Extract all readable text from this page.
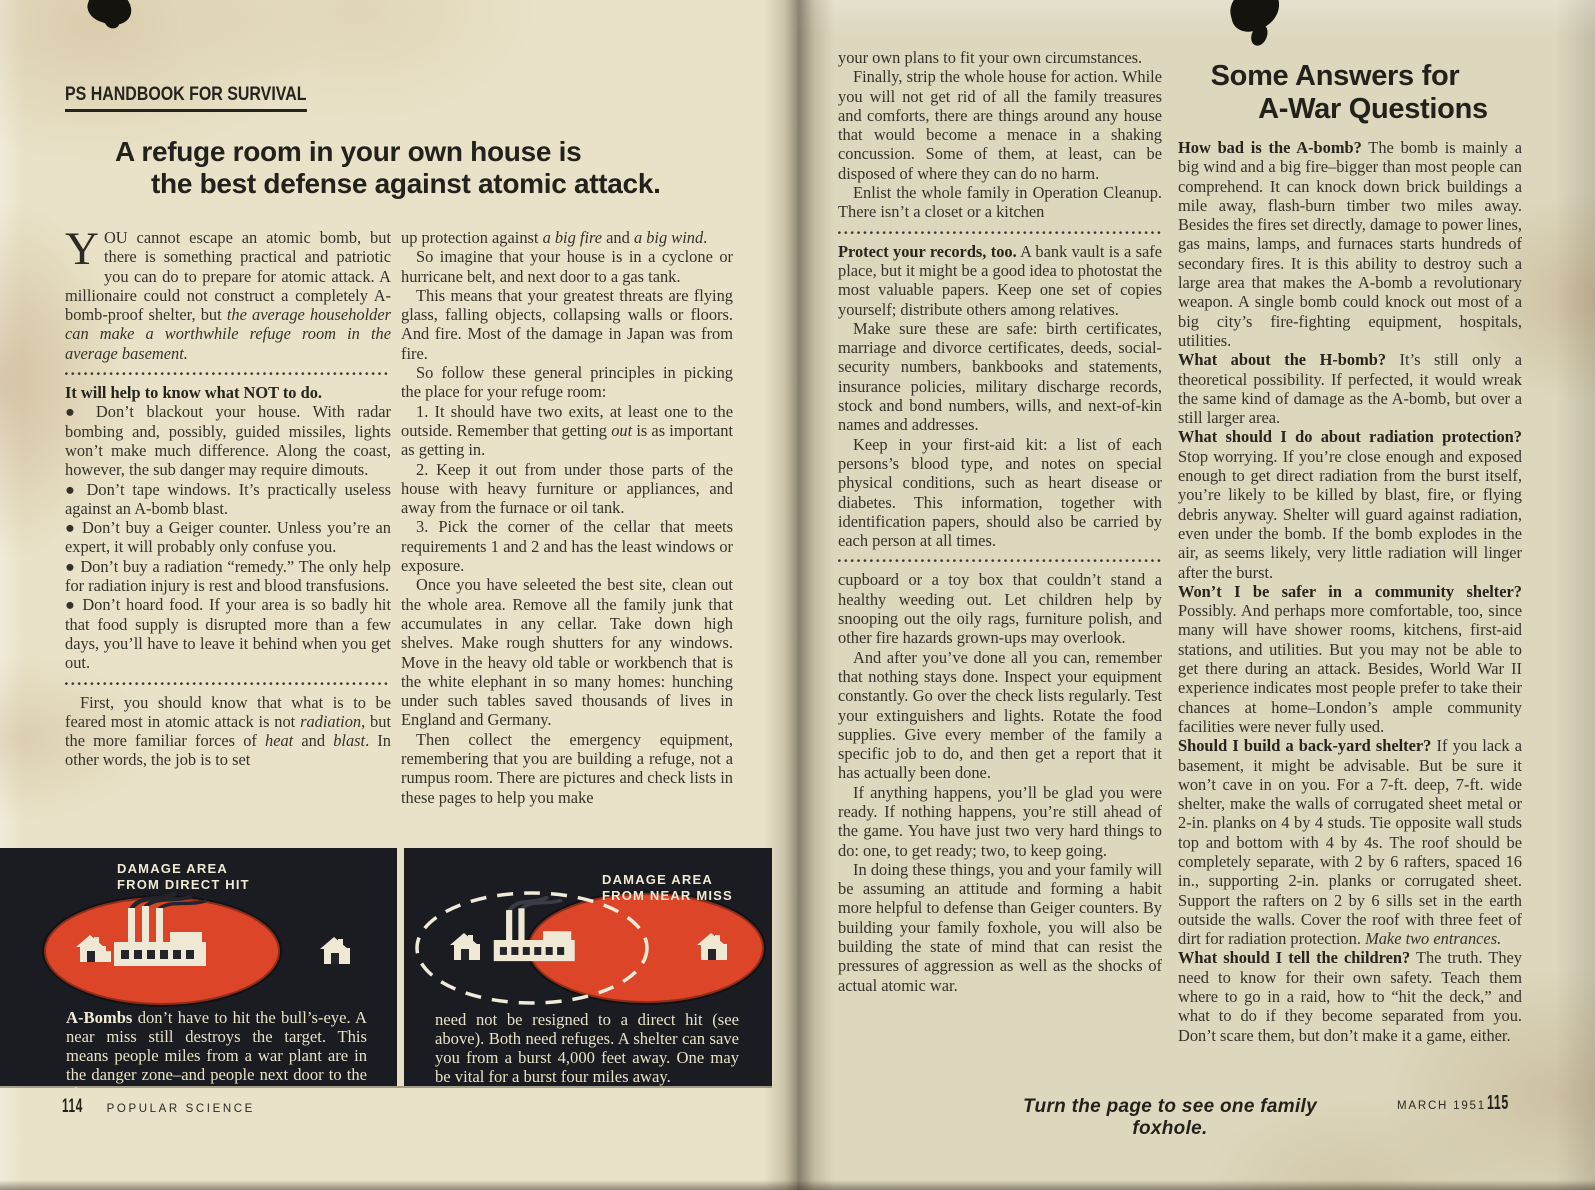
PS HANDBOOK FOR SURVIVAL
A refuge room in your own house is
the best defense against atomic attack.
YOU cannot escape an atomic bomb, but there is something practical and patriotic you can do to prepare for atomic attack. A millionaire could not construct a completely A-bomb-proof shelter, but the average householder can make a worthwhile refuge room in the average basement.
It will help to know what NOT to do.
● Don’t blackout your house. With radar bombing and, possibly, guided missiles, lights won’t make much difference. Along the coast, however, the sub danger may require dimouts.
● Don’t tape windows. It’s practically useless against an A-bomb blast.
● Don’t buy a Geiger counter. Unless you’re an expert, it will probably only confuse you.
● Don’t buy a radiation “remedy.” The only help for radiation injury is rest and blood transfusions.
● Don’t hoard food. If your area is so badly hit that food supply is disrupted more than a few days, you’ll have to leave it behind when you get out.
First, you should know that what is to be feared most in atomic attack is not radiation, but the more familiar forces of heat and blast. In other words, the job is to set
up protection against a big fire and a big wind.
So imagine that your house is in a cyclone or hurricane belt, and next door to a gas tank.
This means that your greatest threats are flying glass, falling objects, collapsing walls or floors. And fire. Most of the damage in Japan was from fire.
So follow these general principles in picking the place for your refuge room:
1. It should have two exits, at least one to the outside. Remember that getting out is as important as getting in.
2. Keep it out from under those parts of the house with heavy furniture or appliances, and away from the furnace or oil tank.
3. Pick the corner of the cellar that meets requirements 1 and 2 and has the least windows or exposure.
Once you have seleeted the best site, clean out the whole area. Remove all the family junk that accumulates in any cellar. Take down high shelves. Make rough shutters for any windows. Move in the heavy old table or workbench that is the white elephant in so many homes: hunching under such tables saved thousands of lives in England and Germany.
Then collect the emergency equipment, remembering that you are building a refuge, not a rumpus room. There are pictures and check lists in these pages to help you make
DAMAGE AREA
FROM DIRECT HIT
A-Bombs don’t have to hit the bull’s-eye. A near miss still destroys the target. This means people miles from a war plant are in the danger zone–and people next door to the plant
DAMAGE AREA
FROM NEAR MISS
need not be resigned to a direct hit (see above). Both need refuges. A shelter can save you from a burst 4,000 feet away. One may be vital for a burst four miles away.
114 POPULAR SCIENCE
your own plans to fit your own circumstances.
Finally, strip the whole house for action. While you will not get rid of all the family treasures and comforts, there are things around any house that would become a menace in a shaking concussion. Some of them, at least, can be disposed of where they can do no harm.
Enlist the whole family in Operation Cleanup. There isn’t a closet or a kitchen
Protect your records, too. A bank vault is a safe place, but it might be a good idea to photostat the most valuable papers. Keep one set of copies yourself; distribute others among relatives.
Make sure these are safe: birth certificates, marriage and divorce certificates, deeds, social-security numbers, bankbooks and statements, insurance policies, military discharge records, stock and bond numbers, wills, and next-of-kin names and addresses.
Keep in your first-aid kit: a list of each persons’s blood type, and notes on special physical conditions, such as heart disease or diabetes. This information, together with identification papers, should also be carried by each person at all times.
cupboard or a toy box that couldn’t stand a healthy weeding out. Let children help by snooping out the oily rags, furniture polish, and other fire hazards grown-ups may overlook.
And after you’ve done all you can, remember that nothing stays done. Inspect your equipment constantly. Go over the check lists regularly. Test your extinguishers and lights. Rotate the food supplies. Give every member of the family a specific job to do, and then get a report that it has actually been done.
If anything happens, you’ll be glad you were ready. If nothing happens, you’re still ahead of the game. You have just two very hard things to do: one, to get ready; two, to keep going.
In doing these things, you and your family will be assuming an attitude and forming a habit more helpful to defense than Geiger counters. By building your family foxhole, you will also be building the state of mind that can resist the pressures of aggression as well as the shocks of actual atomic war.
Some Answers for
A-War Questions
How bad is the A-bomb? The bomb is mainly a big wind and a big fire–bigger than most people can comprehend. It can knock down brick buildings a mile away, flash-burn timber two miles away. Besides the fires set directly, damage to power lines, gas mains, lamps, and furnaces starts hundreds of secondary fires. It is this ability to destroy such a large area that makes the A-bomb a revolutionary weapon. A single bomb could knock out most of a big city’s fire-fighting equipment, hospitals, utilities.
What about the H-bomb? It’s still only a theoretical possibility. If perfected, it would wreak the same kind of damage as the A-bomb, but over a still larger area.
What should I do about radiation protection? Stop worrying. If you’re close enough and exposed enough to get direct radiation from the burst itself, you’re likely to be killed by blast, fire, or flying debris anyway. Shelter will guard against radiation, even under the bomb. If the bomb explodes in the air, as seems likely, very little radiation will linger after the burst.
Won’t I be safer in a community shelter? Possibly. And perhaps more comfortable, too, since many will have shower rooms, kitchens, first-aid stations, and utilities. But you may not be able to get there during an attack. Besides, World War II experience indicates most people prefer to take their chances at home–London’s ample community facilities were never fully used.
Should I build a back-yard shelter? If you lack a basement, it might be advisable. But be sure it won’t cave in on you. For a 7-ft. deep, 7-ft. wide shelter, make the walls of corrugated sheet metal or 2-in. planks on 4 by 4 studs. Tie opposite wall studs top and bottom with 4 by 4s. The roof should be completely separate, with 2 by 6 rafters, spaced 16 in., supporting 2-in. planks or corrugated sheet. Support the rafters on 2 by 6 sills set in the earth outside the walls. Cover the roof with three feet of dirt for radiation protection. Make two entrances.
What should I tell the children? The truth. They need to know for their own safety. Teach them where to go in a raid, how to “hit the deck,” and what to do if they become separated from you. Don’t scare them, but don’t make it a game, either.
Turn the page to see one family foxhole.
MARCH 1951 115
